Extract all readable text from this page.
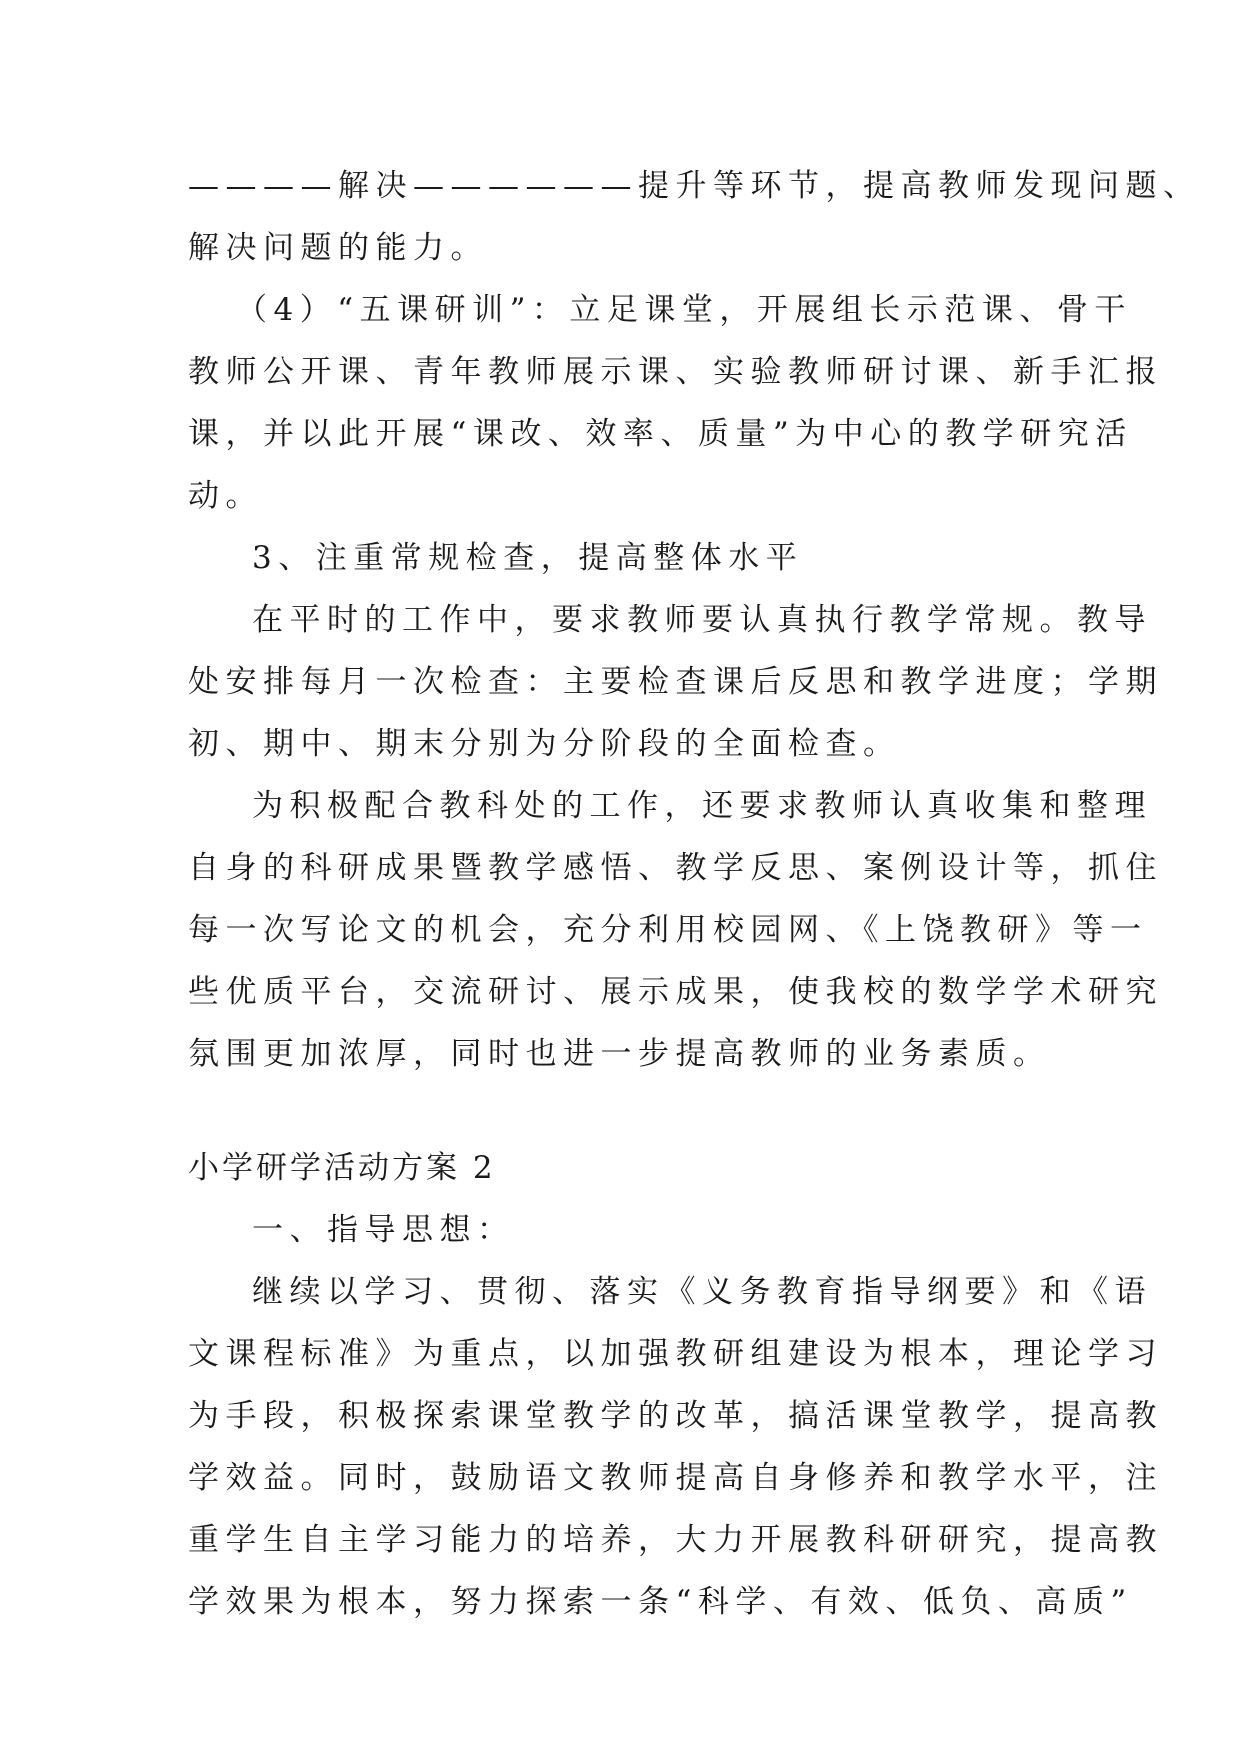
————解决——————提升等环节，提高教师发现问题、
解决问题的能力。
（4）“五课研训”：立足课堂，开展组长示范课、骨干
教师公开课、青年教师展示课、实验教师研讨课、新手汇报
课，并以此开展“课改、效率、质量”为中心的教学研究活
动。
3、注重常规检查，提高整体水平
在平时的工作中，要求教师要认真执行教学常规。教导
处安排每月一次检查：主要检查课后反思和教学进度；学期
初、期中、期末分别为分阶段的全面检查。
为积极配合教科处的工作，还要求教师认真收集和整理
自身的科研成果暨教学感悟、教学反思、案例设计等，抓住
每一次写论文的机会，充分利用校园网、《上饶教研》等一
些优质平台，交流研讨、展示成果，使我校的数学学术研究
氛围更加浓厚，同时也进一步提高教师的业务素质。
小学研学活动方案 2
一、指导思想：
继续以学习、贯彻、落实《义务教育指导纲要》和《语
文课程标准》为重点，以加强教研组建设为根本，理论学习
为手段，积极探索课堂教学的改革，搞活课堂教学，提高教
学效益。同时，鼓励语文教师提高自身修养和教学水平，注
重学生自主学习能力的培养，大力开展教科研研究，提高教
学效果为根本，努力探索一条“科学、有效、低负、高质”
